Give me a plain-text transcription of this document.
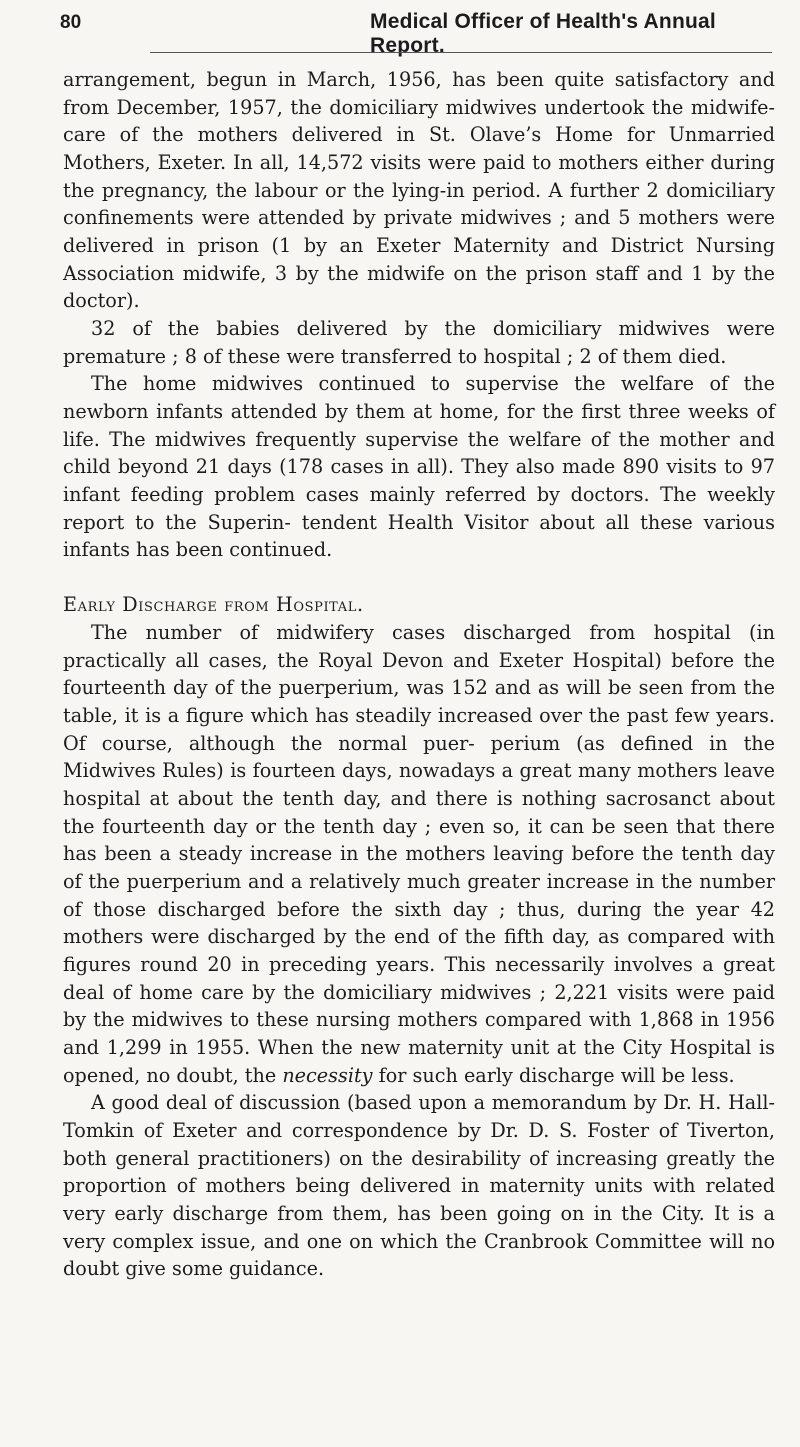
80	Medical Officer of Health's Annual Report.

arrangement, begun in March, 1956, has been quite satisfactory and from December, 1957, the domiciliary midwives undertook the midwife-care of the mothers delivered in St. Olave’s Home for Unmarried Mothers, Exeter. In all, 14,572 visits were paid to mothers either during the pregnancy, the labour or the lying-in period. A further 2 domiciliary confinements were attended by private midwives ; and 5 mothers were delivered in prison (1 by an Exeter Maternity and District Nursing Association midwife, 3 by the midwife on the prison staff and 1 by the doctor).

32 of the babies delivered by the domiciliary midwives were premature ; 8 of these were transferred to hospital ; 2 of them died.

The home midwives continued to supervise the welfare of the newborn infants attended by them at home, for the first three weeks of life. The midwives frequently supervise the welfare of the mother and child beyond 21 days (178 cases in all). They also made 890 visits to 97 infant feeding problem cases mainly referred by doctors. The weekly report to the Superin- tendent Health Visitor about all these various infants has been continued.

Early Discharge from Hospital.

The number of midwifery cases discharged from hospital (in practically all cases, the Royal Devon and Exeter Hospital) before the fourteenth day of the puerperium, was 152 and as will be seen from the table, it is a figure which has steadily increased over the past few years. Of course, although the normal puer- perium (as defined in the Midwives Rules) is fourteen days, nowadays a great many mothers leave hospital at about the tenth day, and there is nothing sacrosanct about the fourteenth day or the tenth day ; even so, it can be seen that there has been a steady increase in the mothers leaving before the tenth day of the puerperium and a relatively much greater increase in the number of those discharged before the sixth day ; thus, during the year 42 mothers were discharged by the end of the fifth day, as compared with figures round 20 in preceding years. This necessarily involves a great deal of home care by the domiciliary midwives ; 2,221 visits were paid by the midwives to these nursing mothers compared with 1,868 in 1956 and 1,299 in 1955. When the new maternity unit at the City Hospital is opened, no doubt, the necessity for such early discharge will be less.

A good deal of discussion (based upon a memorandum by Dr. H. Hall-Tomkin of Exeter and correspondence by Dr. D. S. Foster of Tiverton, both general practitioners) on the desirability of increasing greatly the proportion of mothers being delivered in maternity units with related very early discharge from them, has been going on in the City. It is a very complex issue, and one on which the Cranbrook Committee will no doubt give some guidance.
